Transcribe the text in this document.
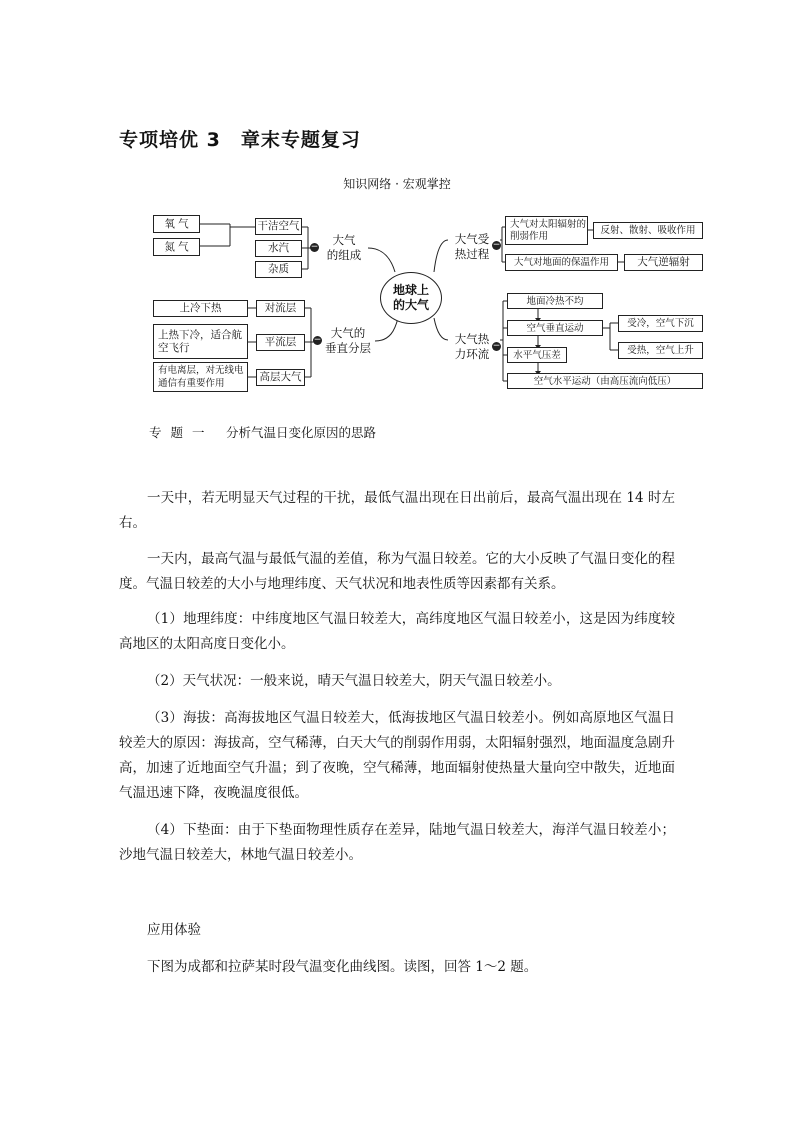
专项培优 3　章末专题复习
知识网络 · 宏观掌控
氧 气
氮 气
干洁空气
水汽
杂质
−	大气
的组成
地球上
的大气
上冷下热
上热下冷，适合航空飞行
有电离层，对无线电通信有重要作用
对流层
平流层
高层大气
− 大气的
垂直分层
大气受
热过程
−
大气对太阳辐射的削弱作用
大气对地面的保温作用
反射、散射、吸收作用
大气逆辐射
大气热
力环流
−
地面冷热不均
空气垂直运动
水平气压差
空气水平运动（由高压流向低压）
受冷，空气下沉
受热，空气上升
专题一　 分析气温日变化原因的思路
一天中，若无明显天气过程的干扰，最低气温出现在日出前后，最高气温出现在 14 时左右。
一天内，最高气温与最低气温的差值，称为气温日较差。它的大小反映了气温日变化的程度。气温日较差的大小与地理纬度、天气状况和地表性质等因素都有关系。
（1）地理纬度：中纬度地区气温日较差大，高纬度地区气温日较差小，这是因为纬度较高地区的太阳高度日变化小。
（2）天气状况：一般来说，晴天气温日较差大，阴天气温日较差小。
（3）海拔：高海拔地区气温日较差大，低海拔地区气温日较差小。例如高原地区气温日较差大的原因：海拔高，空气稀薄，白天大气的削弱作用弱，太阳辐射强烈，地面温度急剧升高，加速了近地面空气升温；到了夜晚，空气稀薄，地面辐射使热量大量向空中散失，近地面气温迅速下降，夜晚温度很低。
（4）下垫面：由于下垫面物理性质存在差异，陆地气温日较差大，海洋气温日较差小；沙地气温日较差大，林地气温日较差小。
应用体验
下图为成都和拉萨某时段气温变化曲线图。读图，回答 1～2 题。
